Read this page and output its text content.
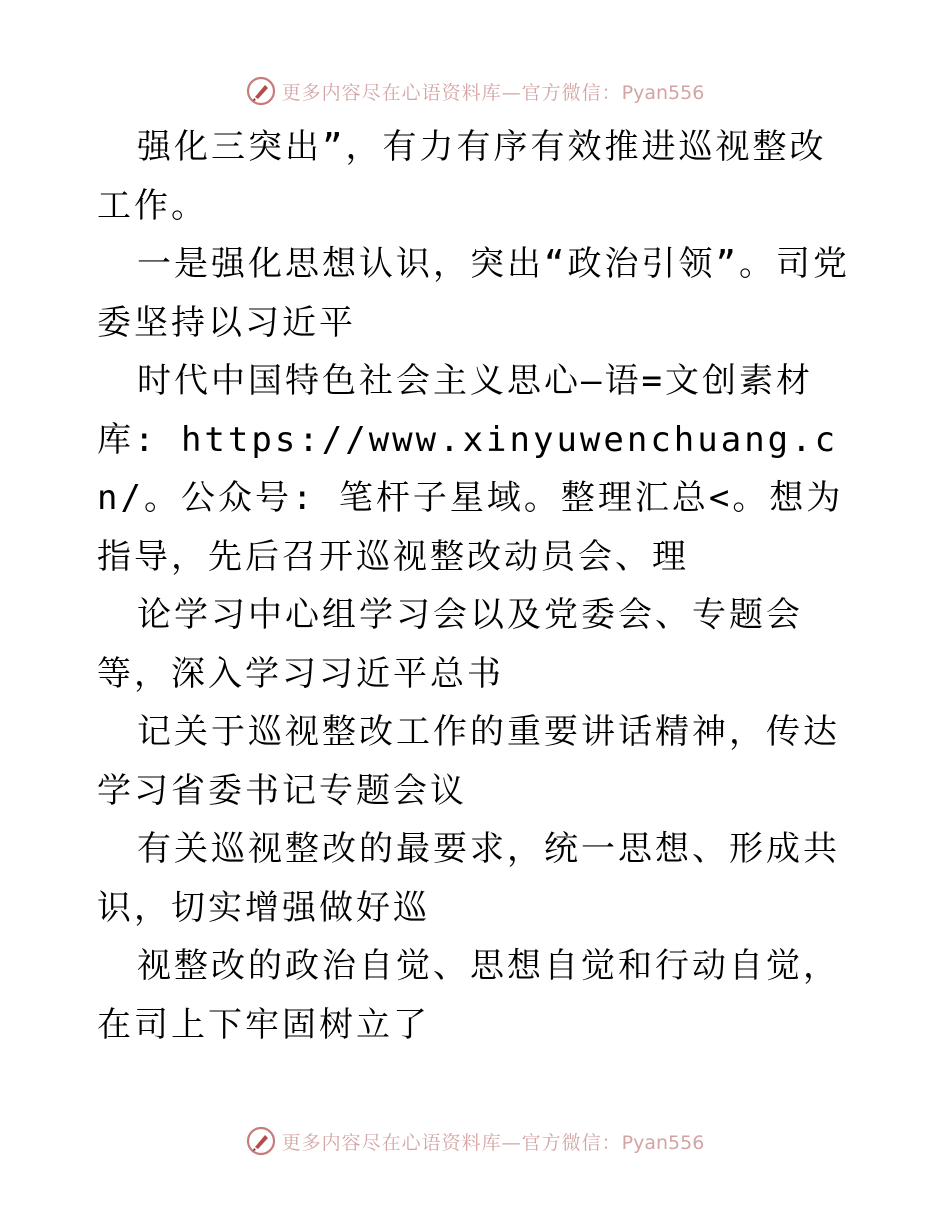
更多内容尽在心语资料库—官方微信：Pyan556

强化三突出”，有力有序有效推进巡视整改工作。

一是强化思想认识，突出“政治引领”。司党委坚持以习近平

时代中国特色社会主义思心—语=文创素材库: https://www.xinyuwenchuang.cn/。公众号: 笔杆子星域。整理汇总<。想为指导，先后召开巡视整改动员会、理

论学习中心组学习会以及党委会、专题会等，深入学习习近平总书

记关于巡视整改工作的重要讲话精神，传达学习省委书记专题会议

有关巡视整改的最要求，统一思想、形成共识，切实增强做好巡

视整改的政治自觉、思想自觉和行动自觉，在司上下牢固树立了

更多内容尽在心语资料库—官方微信：Pyan556
